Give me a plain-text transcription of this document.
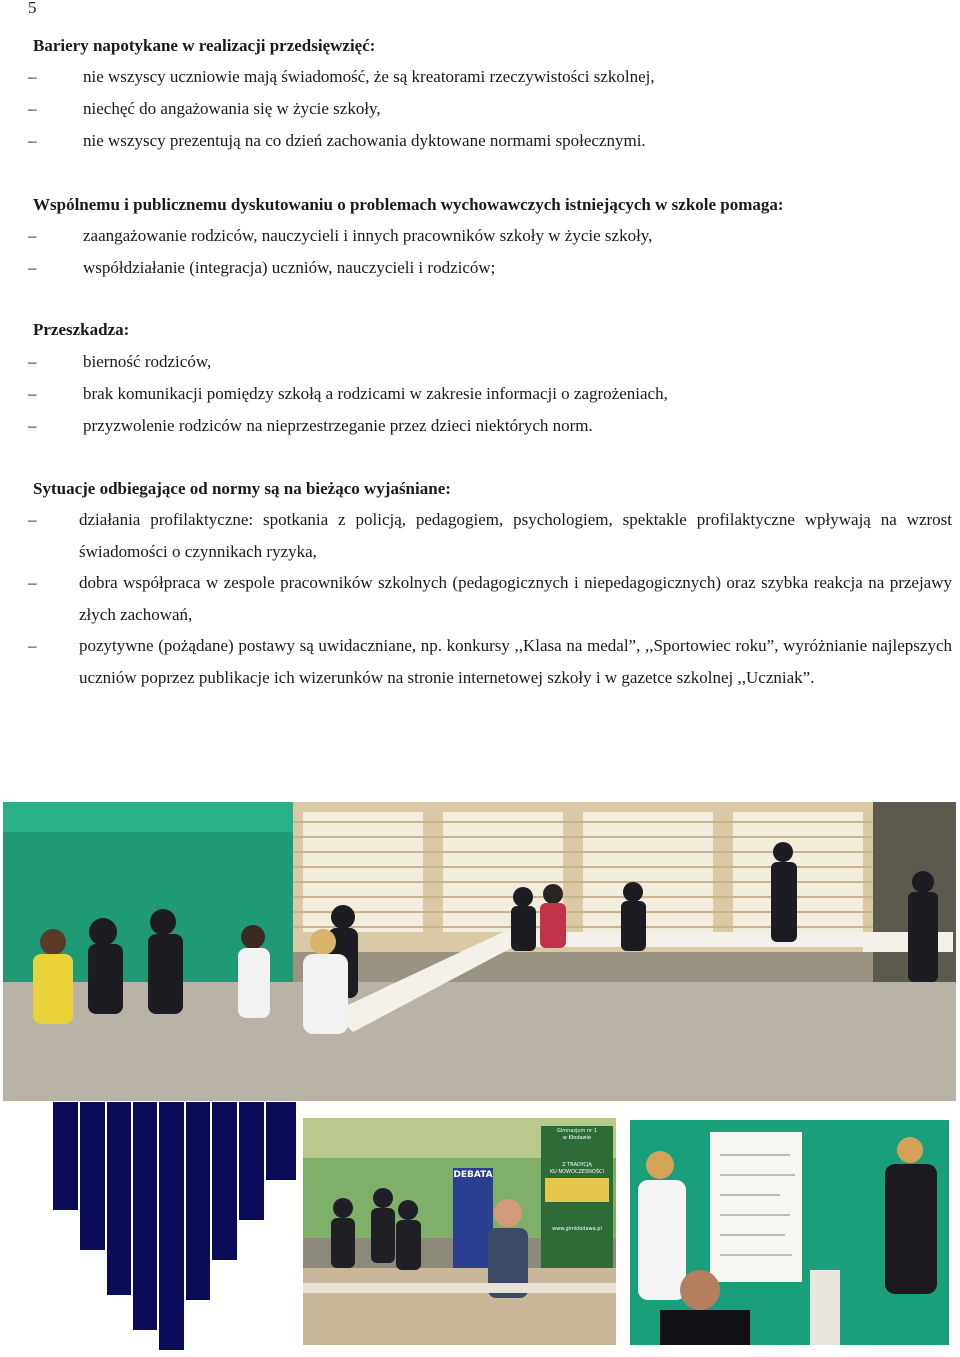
5
Bariery napotykane w realizacji przedsięwzięć:
–	nie wszyscy uczniowie mają świadomość, że są kreatorami rzeczywistości szkolnej,
–	niechęć do angażowania się w życie szkoły,
–	nie wszyscy prezentują na co dzień zachowania dyktowane normami społecznymi.
Wspólnemu i publicznemu dyskutowaniu o problemach wychowawczych istniejących w szkole pomaga:
–	zaangażowanie rodziców, nauczycieli i innych pracowników szkoły w życie szkoły,
–	współdziałanie (integracja) uczniów, nauczycieli i rodziców;
Przeszkadza:
–	bierność rodziców,
–	brak komunikacji pomiędzy szkołą a rodzicami w zakresie informacji o zagrożeniach,
–	przyzwolenie rodziców na nieprzestrzeganie przez dzieci niektórych norm.
Sytuacje odbiegające od normy są na bieżąco wyjaśniane:
–	działania profilaktyczne: spotkania z policją, pedagogiem, psychologiem, spektakle profilaktyczne wpływają na wzrost świadomości o czynnikach ryzyka,
–	dobra współpraca w zespole pracowników szkolnych (pedagogicznych i niepedagogicznych) oraz szybka reakcja na przejawy złych zachowań,
–	pozytywne (pożądane) postawy są uwidaczniane, np. konkursy ,,Klasa na medal”, ,,Sportowiec roku”, wyróżnianie najlepszych uczniów poprzez publikacje ich wizerunków na stronie internetowej szkoły i w gazetce szkolnej ,,Uczniak”.
DEBATA
Gimnazjum nr 1
w Kłodawie
Z TRADYCJĄ
KU NOWOCZESNOŚCI
www.gimklodawa.pl
